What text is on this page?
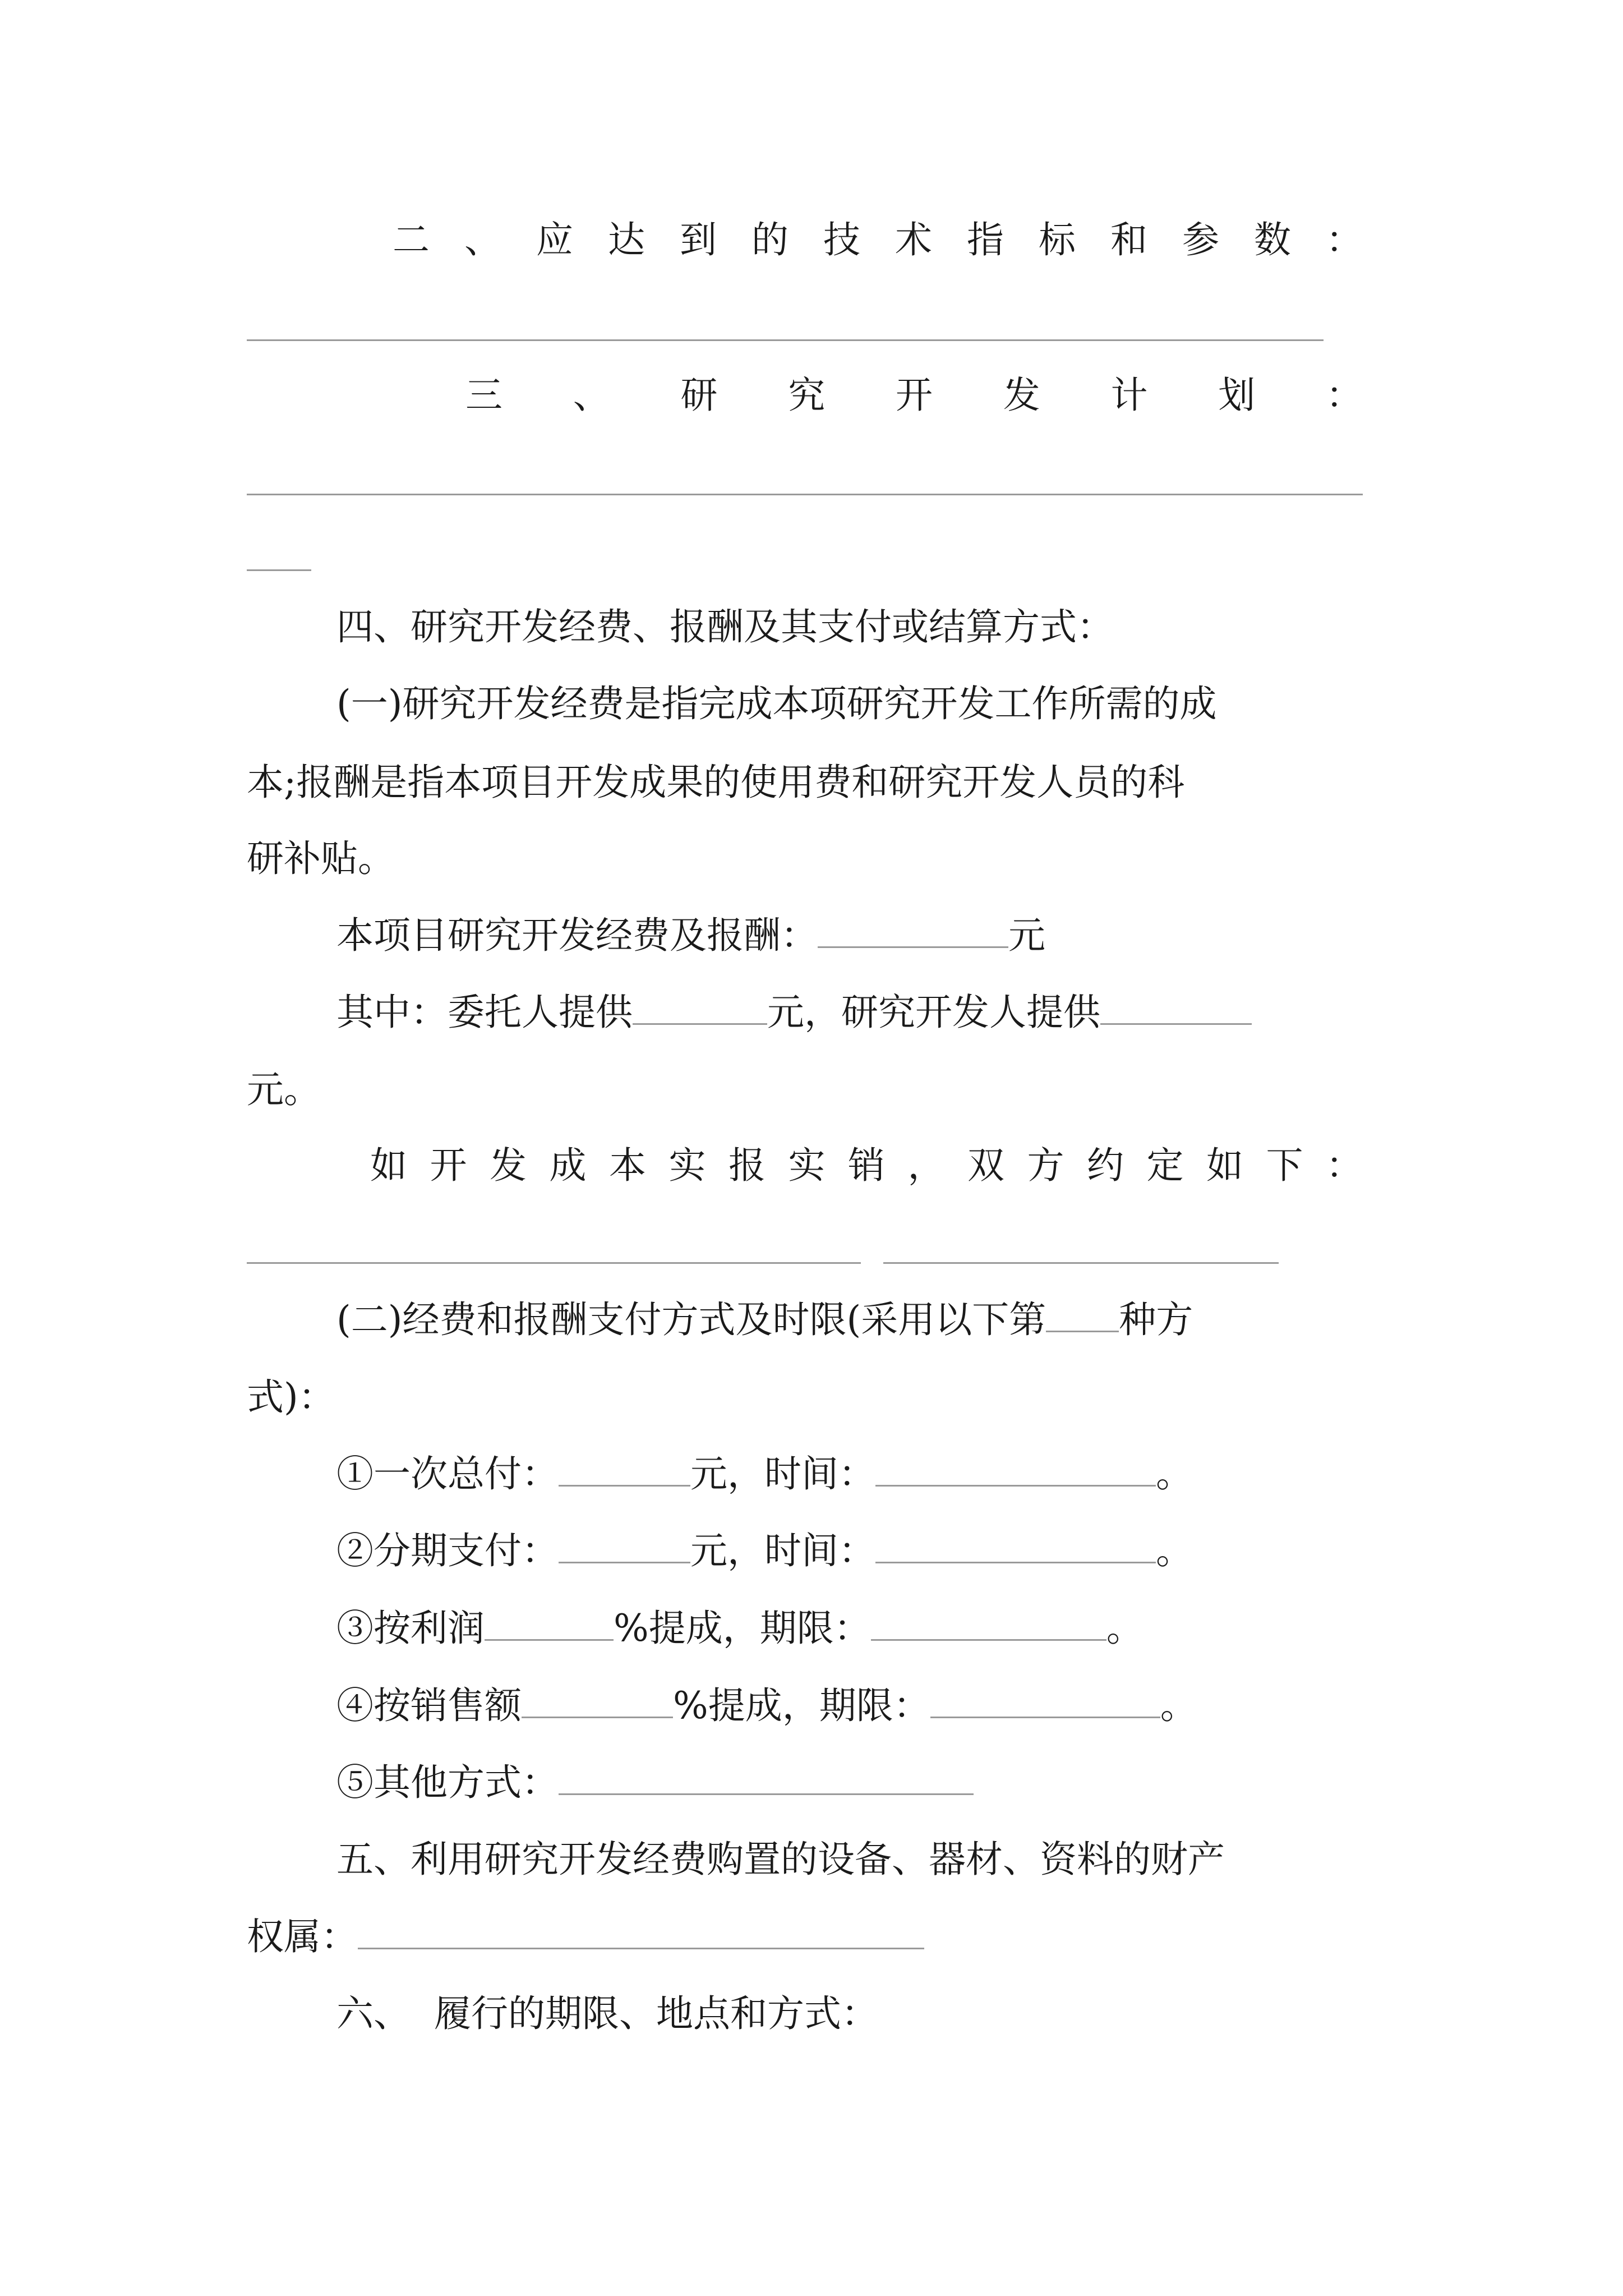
二 、 应 达 到 的 技 术 指 标 和 参 数 ：
三 、 研 究 开 发 计 划 ：
四、研究开发经费、报酬及其支付或结算方式：
(一)研究开发经费是指完成本项研究开发工作所需的成
本;报酬是指本项目开发成果的使用费和研究开发人员的科
研补贴。
本项目研究开发经费及报酬：	元
其中：委托人提供	元，研究开发人提供
元。
如 开 发 成 本 实 报 实 销 ， 双 方 约 定 如 下 ：
(二)经费和报酬支付方式及时限(采用以下第 种方
式)：
①一次总付：	元，时间：	。
②分期支付：	元，时间：	。
③按利润	%提成，期限：	。
④按销售额	%提成，期限：	。
⑤其他方式：
五、利用研究开发经费购置的设备、器材、资料的财产
权属：
六、  履行的期限、地点和方式：
